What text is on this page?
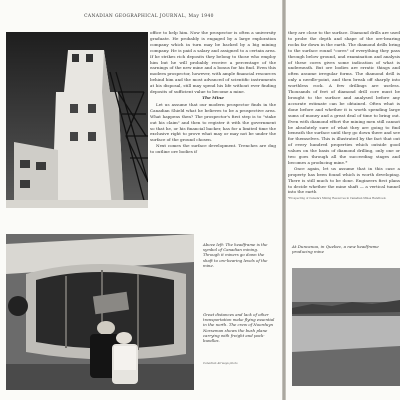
CANADIAN GEOGRAPHICAL JOURNAL, May 1940

office to help him. Now the prospector is often a university graduate. He probably is engaged by a large exploration company which in turn may be backed by a big mining company. He is paid a salary and assigned to a certain area. If he strikes rich deposits they belong to those who employ him but he will probably receive a percentage of the earnings of the new mine and a bonus for his find. Even this modern prospector, however, with ample financial resources behind him and the most advanced of scientific instruments at his disposal, still may spend his life without ever finding deposits of sufficient value to become a mine.

The Mine

Let us assume that our modern prospector finds in the Canadian Shield what he believes to be a prospective area. What happens then? The prospector's first step is to "stake out his claim" and then to register it with the government so that he, or his financial backer, has for a limited time the exclusive right to prove what may or may not be under the surface of the ground chosen.

Next comes the surface development. Trenches are dug to outline ore bodies if

Above left: The headframe is the symbol of Canadian mining. Through it miners go down the shaft to ore-bearing levels of the mine.
Great distances and lack of other transportation make flying essential in the north. The crew of Noorduyn Norseman shows the bush plane carrying with freight and pack-bundles.
Canadian Airways photo

they are close to the surface. Diamond drills are used to probe the depth and shape of the ore-bearing rocks far down in the earth. The diamond drills bring to the surface round "cores" of everything they pass through below ground, and examination and analysis of these cores gives some indication of what is underneath. But ore bodies are erratic things and often assume irregular forms. The diamond drill is only a needle-point, and then break off sharply into worthless rock. A few drillings are useless. Thousands of feet of diamond drill core must be brought to the surface and analysed before any accurate estimate can be obtained. Often what is done before and whether it is worth spending large sums of money and a great deal of time to bring out. Even with diamond effort the mining men still cannot be absolutely sure of what they are going to find beneath the surface until they go down there and see for themselves. This is illustrated by the fact that out of every hundred properties which outside good values on the basis of diamond drilling, only one or two goes through all the succeeding stages and becomes a producing mine.*

Once again, let us assume that in this case a property has been found which is worth developing. There is still much to be done. Engineers first plans to decide whether the mine shaft — a vertical tunnel into the earth

*Prospecting of Canada's Mining Resources in Canadian Mines Handbook.

At Duncanoa, in Quebec, a new headframe producing mine
